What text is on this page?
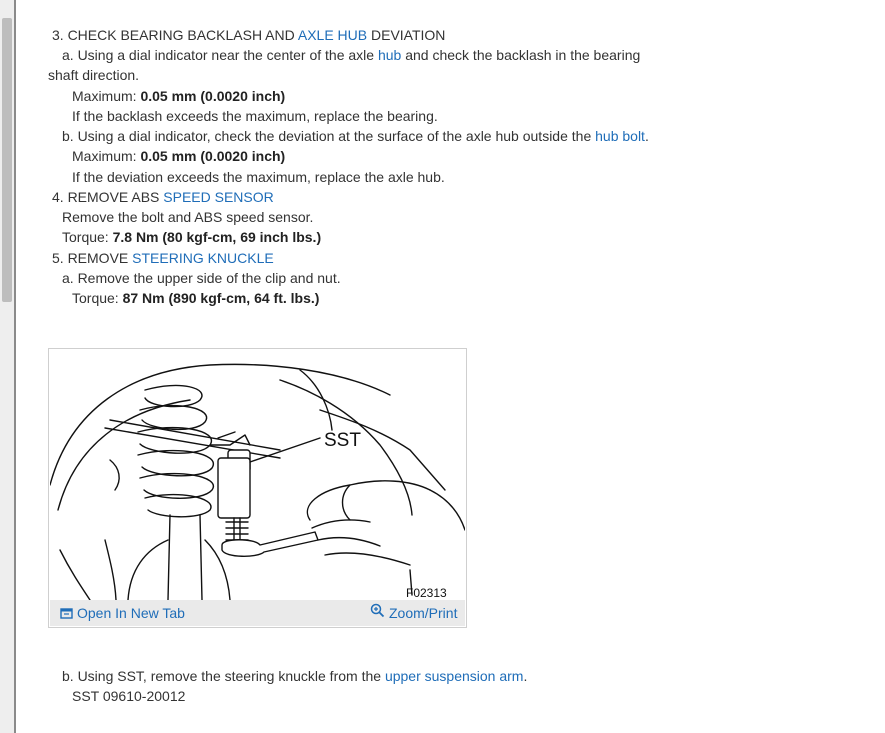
3. CHECK BEARING BACKLASH AND AXLE HUB DEVIATION
a. Using a dial indicator near the center of the axle hub and check the backlash in the bearing
shaft direction.
Maximum: 0.05 mm (0.0020 inch)
If the backlash exceeds the maximum, replace the bearing.
b. Using a dial indicator, check the deviation at the surface of the axle hub outside the hub bolt.
Maximum: 0.05 mm (0.0020 inch)
If the deviation exceeds the maximum, replace the axle hub.
4. REMOVE ABS SPEED SENSOR
Remove the bolt and ABS speed sensor.
Torque: 7.8 Nm (80 kgf-cm, 69 inch lbs.)
5. REMOVE STEERING KNUCKLE
a. Remove the upper side of the clip and nut.
Torque: 87 Nm (890 kgf-cm, 64 ft. lbs.)
SST
F02313
Open In New Tab	Zoom/Print
b. Using SST, remove the steering knuckle from the upper suspension arm.
SST 09610-20012
